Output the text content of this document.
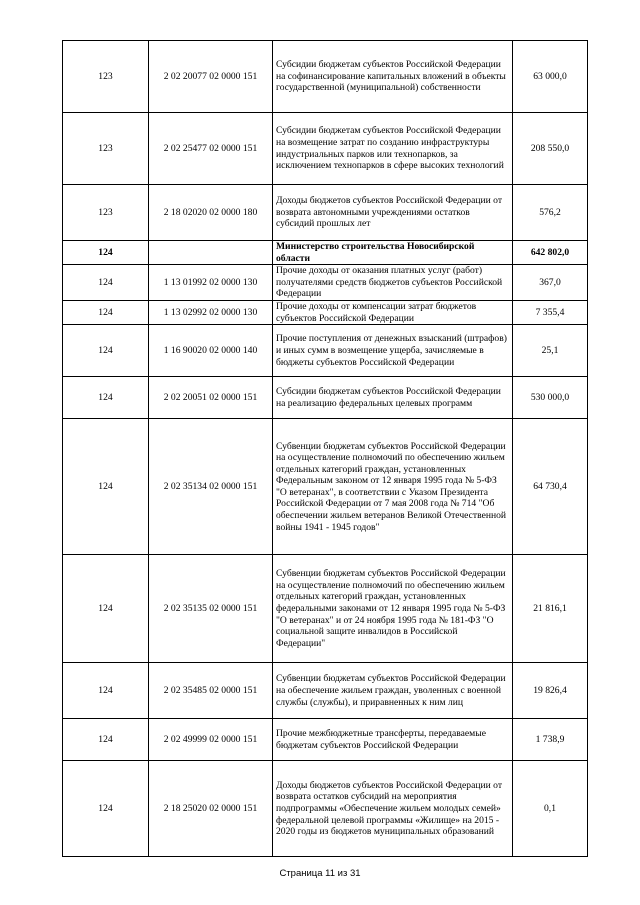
123	2 02 20077 02 0000 151	Субсидии бюджетам субъектов Российской Федерации на софинансирование капитальных вложений в объекты государственной (муниципальной) собственности	63 000,0
123	2 02 25477 02 0000 151	Субсидии бюджетам субъектов Российской Федерации на возмещение затрат по созданию инфраструктуры индустриальных парков или технопарков, за исключением технопарков в сфере высоких технологий	208 550,0
123	2 18 02020 02 0000 180	Доходы бюджетов субъектов Российской Федерации от возврата автономными учреждениями остатков субсидий прошлых лет	576,2
124		Министерство строительства Новосибирской области	642 802,0
124	1 13 01992 02 0000 130	Прочие доходы от оказания платных услуг (работ) получателями средств бюджетов субъектов Российской Федерации	367,0
124	1 13 02992 02 0000 130	Прочие доходы от компенсации затрат бюджетов субъектов Российской Федерации	7 355,4
124	1 16 90020 02 0000 140	Прочие поступления от денежных взысканий (штрафов) и иных сумм в возмещение ущерба, зачисляемые в бюджеты субъектов Российской Федерации	25,1
124	2 02 20051 02 0000 151	Субсидии бюджетам субъектов Российской Федерации на реализацию федеральных целевых программ	530 000,0
124	2 02 35134 02 0000 151	Субвенции бюджетам субъектов Российской Федерации на осуществление полномочий по обеспечению жильем отдельных категорий граждан, установленных Федеральным законом от 12 января 1995 года № 5-ФЗ "О ветеранах", в соответствии с Указом Президента Российской Федерации от 7 мая 2008 года № 714 "Об обеспечении жильем ветеранов Великой Отечественной войны 1941 - 1945 годов"	64 730,4
124	2 02 35135 02 0000 151	Субвенции бюджетам субъектов Российской Федерации на осуществление полномочий по обеспечению жильем отдельных категорий граждан, установленных федеральными законами от 12 января 1995 года № 5-ФЗ "О ветеранах" и от 24 ноября 1995 года № 181-ФЗ "О социальной защите инвалидов в Российской Федерации"	21 816,1
124	2 02 35485 02 0000 151	Субвенции бюджетам субъектов Российской Федерации на обеспечение жильем граждан, уволенных с военной службы (службы), и приравненных к ним лиц	19 826,4
124	2 02 49999 02 0000 151	Прочие межбюджетные трансферты, передаваемые бюджетам субъектов Российской Федерации	1 738,9
124	2 18 25020 02 0000 151	Доходы бюджетов субъектов Российской Федерации от возврата остатков субсидий на мероприятия подпрограммы «Обеспечение жильем молодых семей» федеральной целевой программы «Жилище» на 2015 - 2020 годы из бюджетов муниципальных образований	0,1
Страница 11 из 31
